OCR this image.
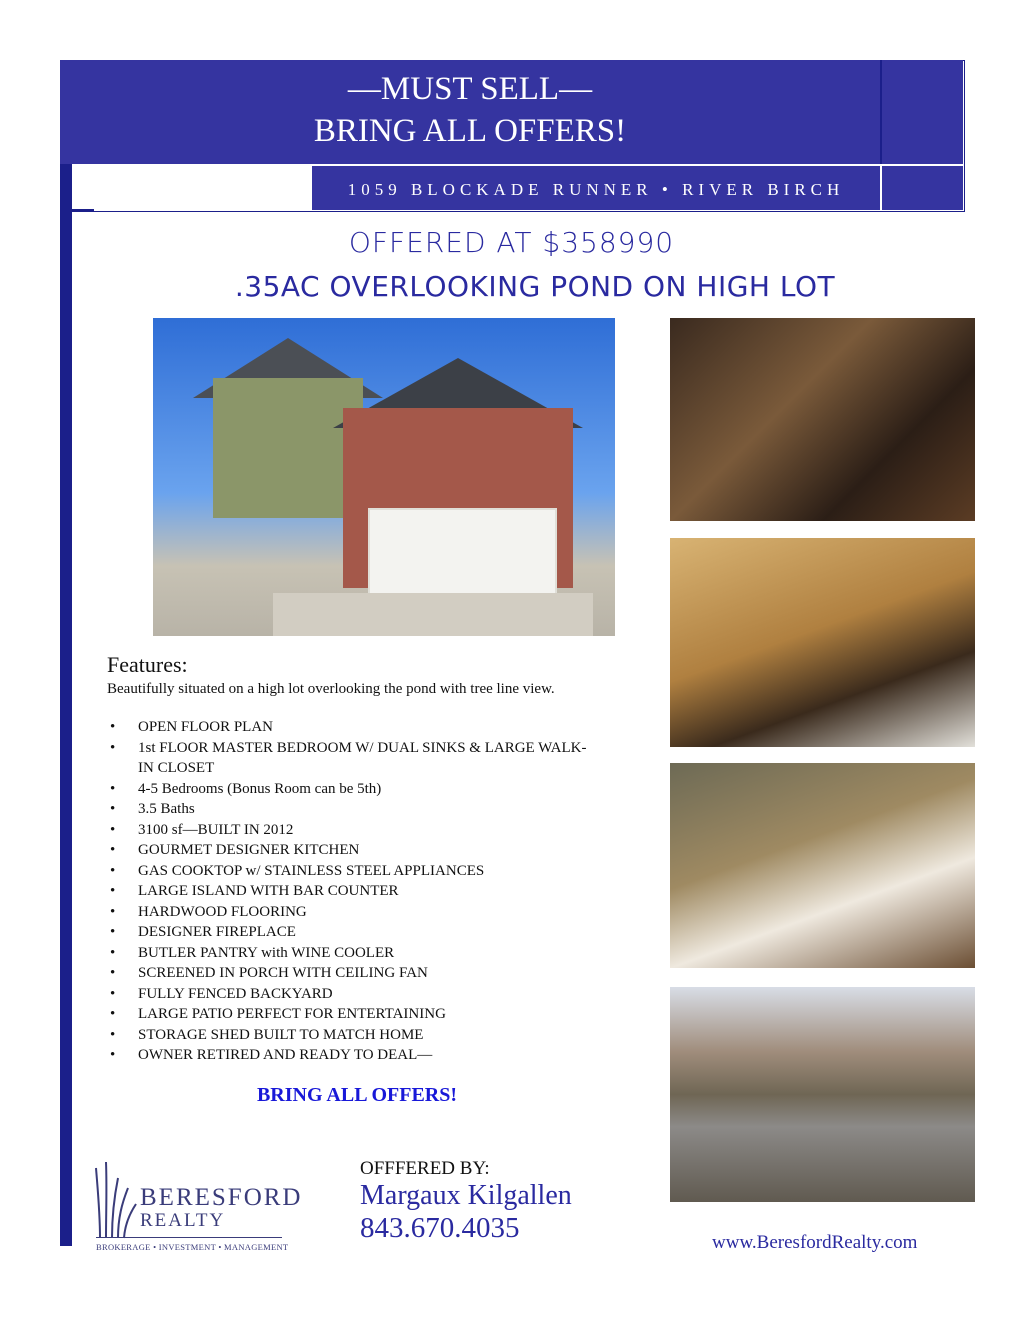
—MUST SELL—
BRING ALL OFFERS!
1059 BLOCKADE RUNNER • RIVER BIRCH
OFFERED AT $358990
.35AC OVERLOOKING POND ON HIGH LOT
Features:
Beautifully situated on a high lot overlooking the pond with tree line view.
• OPEN FLOOR PLAN
• 1st FLOOR MASTER BEDROOM W/ DUAL SINKS & LARGE WALK-IN CLOSET
• 4-5 Bedrooms (Bonus Room can be 5th)
• 3.5 Baths
• 3100 sf—BUILT IN 2012
• GOURMET DESIGNER KITCHEN
• GAS COOKTOP w/ STAINLESS STEEL APPLIANCES
• LARGE ISLAND WITH BAR COUNTER
• HARDWOOD FLOORING
• DESIGNER FIREPLACE
• BUTLER PANTRY with WINE COOLER
• SCREENED IN PORCH WITH CEILING FAN
• FULLY FENCED BACKYARD
• LARGE PATIO PERFECT FOR ENTERTAINING
• STORAGE SHED BUILT TO MATCH HOME
• OWNER RETIRED AND READY TO DEAL—
BRING ALL OFFERS!
BERESFORD
REALTY
BROKERAGE • INVESTMENT • MANAGEMENT
OFFFERED BY:
Margaux Kilgallen
843.670.4035	www.BeresfordRealty.com
